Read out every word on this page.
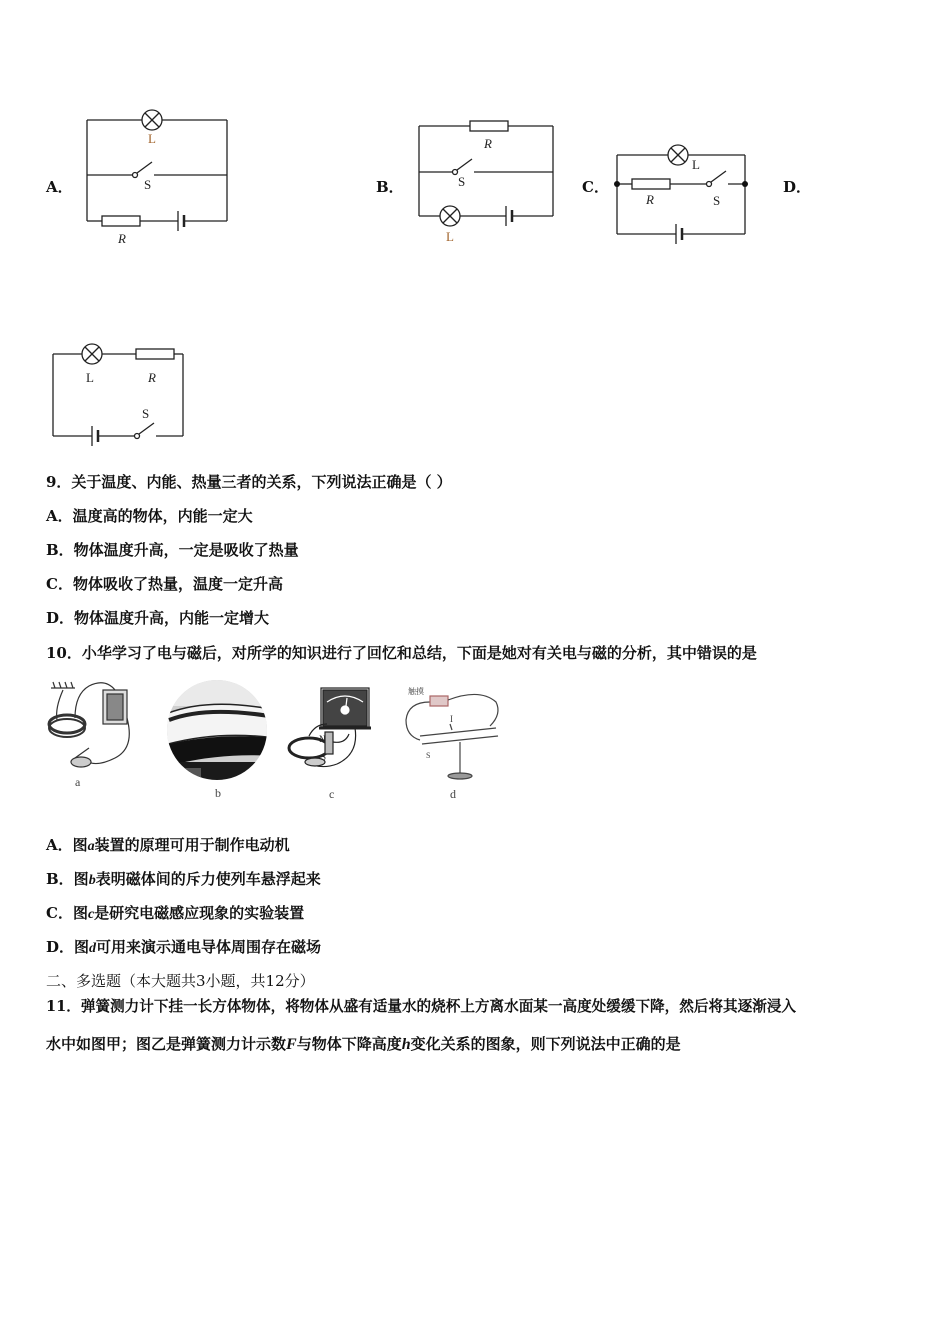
A．	B．	C．	D．
L
S
R
R
S
L
L
R	S
L	R
S
9．关于温度、内能、热量三者的关系，下列说法正确是（ ）
A．温度高的物体，内能一定大
B．物体温度升高，一定是吸收了热量
C．物体吸收了热量，温度一定升高
D．物体温度升高，内能一定增大
10．小华学习了电与磁后，对所学的知识进行了回忆和总结，下面是她对有关电与磁的分析，其中错误的是
a
b
N
S
c
触摸
I
S
d
A．图a装置的原理可用于制作电动机
B．图b表明磁体间的斥力使列车悬浮起来
C．图c是研究电磁感应现象的实验装置
D．图d可用来演示通电导体周围存在磁场
二、多选题（本大题共3小题，共12分）
11．弹簧测力计下挂一长方体物体，将物体从盛有适量水的烧杯上方离水面某一高度处缓缓下降，然后将其逐渐浸入
水中如图甲；图乙是弹簧测力计示数F与物体下降高度h变化关系的图象，则下列说法中正确的是
